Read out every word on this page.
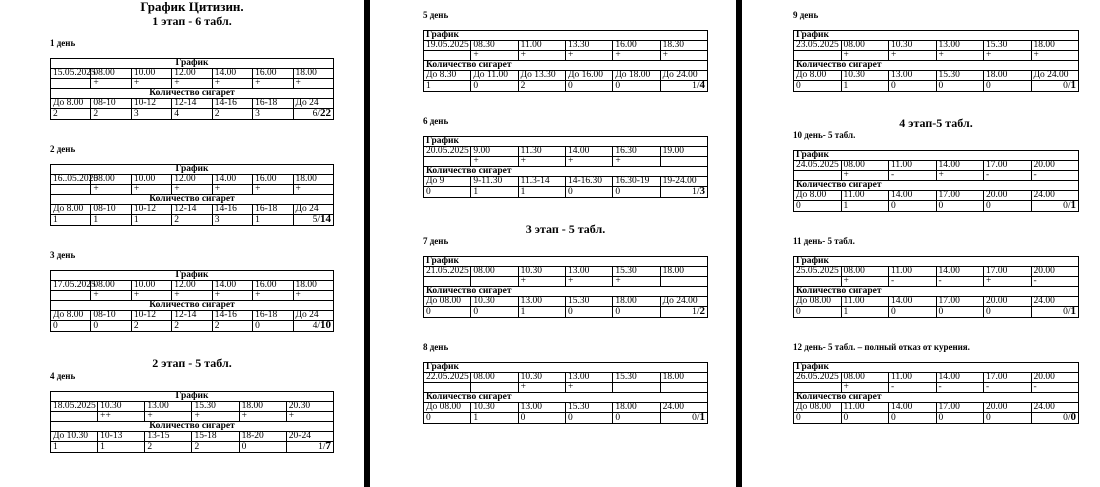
График Цитизин.
1 этап - 6 табл.
1 день
График						
15.05.2025	08.00	10.00	12.00	14.00	16.00	18.00
	+	+	+	+	+	+
Количество сигарет						
До 8.00	08-10	10-12	12-14	14-16	16-18	До 24
2	2	3	4	2	3	6/22
2 день
График						
16..05.2025	08.00	10.00	12.00	14.00	16.00	18.00
	+	+	+	+	+	+
Количество сигарет						
До 8.00	08-10	10-12	12-14	14-16	16-18	До 24
1	1	1	2	3	1	5/14
3 день
График						
17.05.2025	08.00	10.00	12.00	14.00	16.00	18.00
	+	+	+	+	+	+
Количество сигарет						
До 8.00	08-10	10-12	12-14	14-16	16-18	До 24
0	0	2	2	2	0	4/10
2 этап - 5 табл.
4 день
График					
18.05.2025	10.30	13.00	15.30	18.00	20.30
	++	+	+	+	+
Количество сигарет					
До 10.30	10-13	13-15	15-18	18-20	20-24
1	1	2	2	0	1/7
5 день
График					
19.05.2025	08.30	11.00	13.30	16.00	18.30
	+	+	+	+	+
Количество сигарет					
До 8.30	До 11.00	До 13.30	До 16.00	До 18.00	До 24.00
1	0	2	0	0	1/4
6 день
График					
20.05.2025	9.00	11.30	14.00	16.30	19.00
	+	+	+	+	
Количество сигарет					
До 9	9-11.30	11.3-14	14-16.30	16.30-19	19-24.00
0	1	1	0	0	1/3
3 этап - 5 табл.
7 день
График					
21.05.2025	08.00	10.30	13.00	15.30	18.00
		+	+	+	
Количество сигарет					
До 08.00	10.30	13.00	15.30	18.00	До 24.00
0	0	1	0	0	1/2
8 день
График					
22.05.2025	08.00	10.30	13.00	15.30	18.00
		+	+		
Количество сигарет					
До 08.00	10.30	13.00	15.30	18.00	24.00
0	1	0	0	0	0/1
9 день
График					
23.05.2025	08.00	10.30	13.00	15.30	18.00
	+	+	+	+	+
Количество сигарет					
До 8.00	10.30	13.00	15.30	18.00	До 24.00
0	1	0	0	0	0/1
4 этап-5 табл.
10 день- 5 табл.
График					
24.05.2025	08.00	11.00	14.00	17.00	20.00
	+	-	+	-	-
Количество сигарет					
До 8.00	11.00	14.00	17.00	20.00	24.00
0	1	0	0	0	0/1
11 день- 5 табл.
График					
25.05.2025	08.00	11.00	14.00	17.00	20.00
	+	-	-	+	-
Количество сигарет					
До 08.00	11.00	14.00	17.00	20.00	24.00
0	1	0	0	0	0/1
12 день- 5 табл. – полный отказ от курения.
График					
26.05.2025	08.00	11.00	14.00	17.00	20.00
	+	-	-	-	-
Количество сигарет					
До 08.00	11.00	14.00	17.00	20.00	24.00
0	0	0	0	0	0/0
